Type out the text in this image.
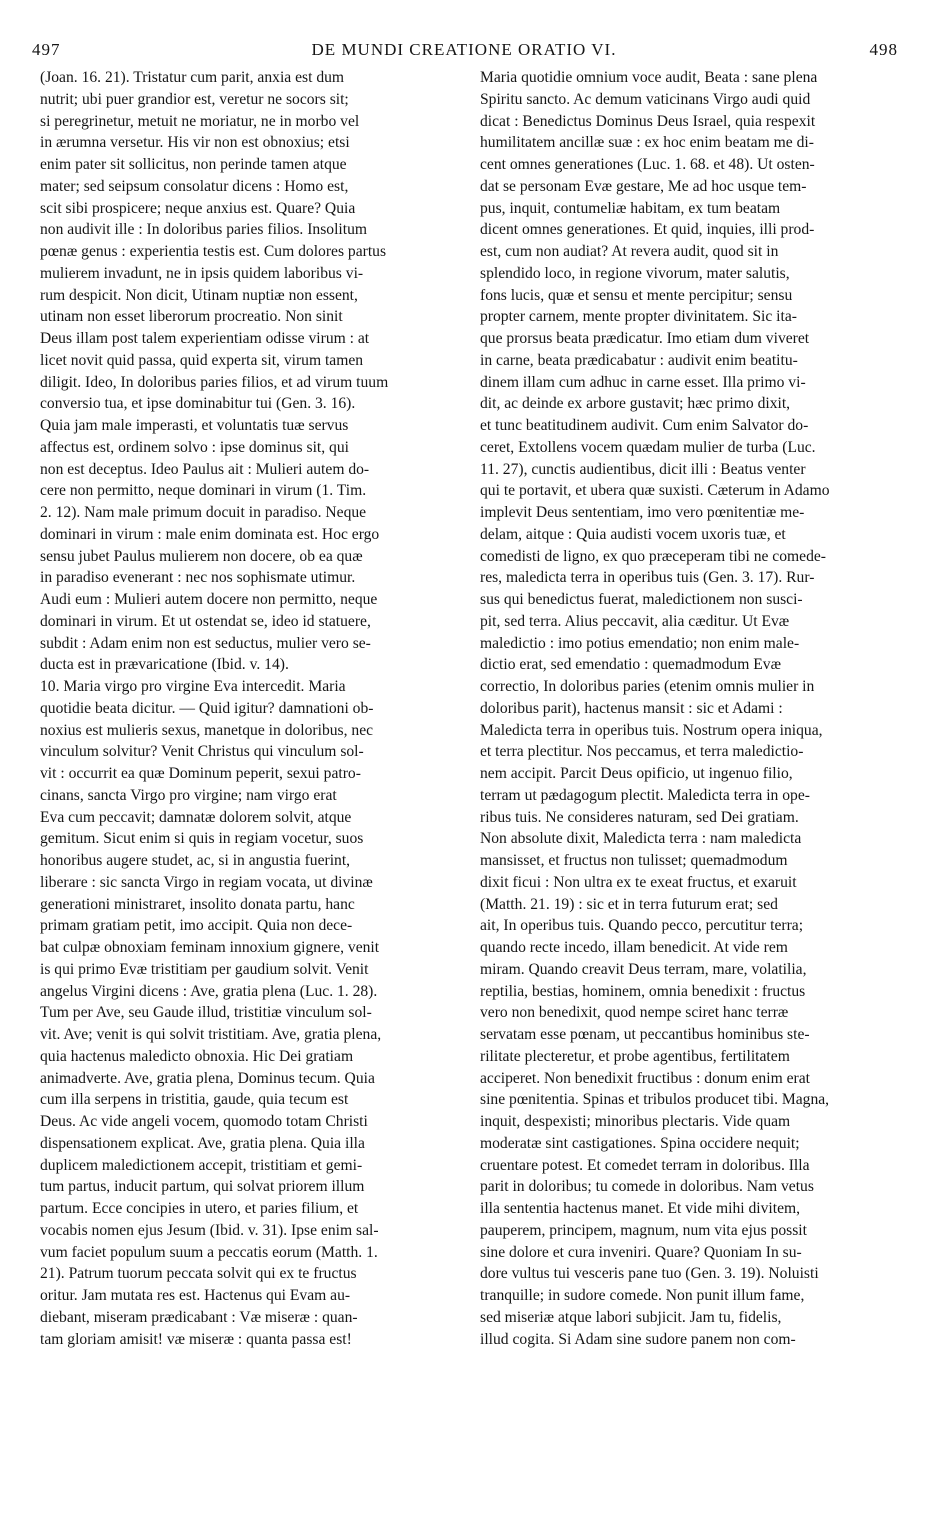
497	DE MUNDI CREATIONE ORATIO VI.	498
(Joan. 16. 21). Tristatur cum parit, anxia est dum
nutrit; ubi puer grandior est, veretur ne socors sit;
si peregrinetur, metuit ne moriatur, ne in morbo vel
in ærumna versetur. His vir non est obnoxius; etsi
enim pater sit sollicitus, non perinde tamen atque
mater; sed seipsum consolatur dicens : Homo est,
scit sibi prospicere; neque anxius est. Quare? Quia
non audivit ille : In doloribus paries filios. Insolitum
pœnæ genus : experientia testis est. Cum dolores partus
mulierem invadunt, ne in ipsis quidem laboribus vi-
rum despicit. Non dicit, Utinam nuptiæ non essent,
utinam non esset liberorum procreatio. Non sinit
Deus illam post talem experientiam odisse virum : at
licet novit quid passa, quid experta sit, virum tamen
diligit. Ideo, In doloribus paries filios, et ad virum tuum
conversio tua, et ipse dominabitur tui (Gen. 3. 16).
Quia jam male imperasti, et voluntatis tuæ servus
affectus est, ordinem solvo : ipse dominus sit, qui
non est deceptus. Ideo Paulus ait : Mulieri autem do-
cere non permitto, neque dominari in virum (1. Tim.
2. 12). Nam male primum docuit in paradiso. Neque
dominari in virum : male enim dominata est. Hoc ergo
sensu jubet Paulus mulierem non docere, ob ea quæ
in paradiso evenerant : nec nos sophismate utimur.
Audi eum : Mulieri autem docere non permitto, neque
dominari in virum. Et ut ostendat se, ideo id statuere,
subdit : Adam enim non est seductus, mulier vero se-
ducta est in prævaricatione (Ibid. v. 14).
10. Maria virgo pro virgine Eva intercedit. Maria
quotidie beata dicitur. — Quid igitur? damnationi ob-
noxius est mulieris sexus, manetque in doloribus, nec
vinculum solvitur? Venit Christus qui vinculum sol-
vit : occurrit ea quæ Dominum peperit, sexui patro-
cinans, sancta Virgo pro virgine; nam virgo erat
Eva cum peccavit; damnatæ dolorem solvit, atque
gemitum. Sicut enim si quis in regiam vocetur, suos
honoribus augere studet, ac, si in angustia fuerint,
liberare : sic sancta Virgo in regiam vocata, ut divinæ
generationi ministraret, insolito donata partu, hanc
primam gratiam petit, imo accipit. Quia non dece-
bat culpæ obnoxiam feminam innoxium gignere, venit
is qui primo Evæ tristitiam per gaudium solvit. Venit
angelus Virgini dicens : Ave, gratia plena (Luc. 1. 28).
Tum per Ave, seu Gaude illud, tristitiæ vinculum sol-
vit. Ave; venit is qui solvit tristitiam. Ave, gratia plena,
quia hactenus maledicto obnoxia. Hic Dei gratiam
animadverte. Ave, gratia plena, Dominus tecum. Quia
cum illa serpens in tristitia, gaude, quia tecum est
Deus. Ac vide angeli vocem, quomodo totam Christi
dispensationem explicat. Ave, gratia plena. Quia illa
duplicem maledictionem accepit, tristitiam et gemi-
tum partus, inducit partum, qui solvat priorem illum
partum. Ecce concipies in utero, et paries filium, et
vocabis nomen ejus Jesum (Ibid. v. 31). Ipse enim sal-
vum faciet populum suum a peccatis eorum (Matth. 1.
21). Patrum tuorum peccata solvit qui ex te fructus
oritur. Jam mutata res est. Hactenus qui Evam au-
diebant, miseram prædicabant : Væ miseræ : quan-
tam gloriam amisit! væ miseræ : quanta passa est!
Maria quotidie omnium voce audit, Beata : sane plena
Spiritu sancto. Ac demum vaticinans Virgo audi quid
dicat : Benedictus Dominus Deus Israel, quia respexit
humilitatem ancillæ suæ : ex hoc enim beatam me di-
cent omnes generationes (Luc. 1. 68. et 48). Ut osten-
dat se personam Evæ gestare, Me ad hoc usque tem-
pus, inquit, contumeliæ habitam, ex tum beatam
dicent omnes generationes. Et quid, inquies, illi prod-
est, cum non audiat? At revera audit, quod sit in
splendido loco, in regione vivorum, mater salutis,
fons lucis, quæ et sensu et mente percipitur; sensu
propter carnem, mente propter divinitatem. Sic ita-
que prorsus beata prædicatur. Imo etiam dum viveret
in carne, beata prædicabatur : audivit enim beatitu-
dinem illam cum adhuc in carne esset. Illa primo vi-
dit, ac deinde ex arbore gustavit; hæc primo dixit,
et tunc beatitudinem audivit. Cum enim Salvator do-
ceret, Extollens vocem quædam mulier de turba (Luc.
11. 27), cunctis audientibus, dicit illi : Beatus venter
qui te portavit, et ubera quæ suxisti. Cæterum in Adamo
implevit Deus sententiam, imo vero pœnitentiæ me-
delam, aitque : Quia audisti vocem uxoris tuæ, et
comedisti de ligno, ex quo præceperam tibi ne comede-
res, maledicta terra in operibus tuis (Gen. 3. 17). Rur-
sus qui benedictus fuerat, maledictionem non susci-
pit, sed terra. Alius peccavit, alia cæditur. Ut Evæ
maledictio : imo potius emendatio; non enim male-
dictio erat, sed emendatio : quemadmodum Evæ
correctio, In doloribus paries (etenim omnis mulier in
doloribus parit), hactenus mansit : sic et Adami :
Maledicta terra in operibus tuis. Nostrum opera iniqua,
et terra plectitur. Nos peccamus, et terra maledictio-
nem accipit. Parcit Deus opificio, ut ingenuo filio,
terram ut pædagogum plectit. Maledicta terra in ope-
ribus tuis. Ne consideres naturam, sed Dei gratiam.
Non absolute dixit, Maledicta terra : nam maledicta
mansisset, et fructus non tulisset; quemadmodum
dixit ficui : Non ultra ex te exeat fructus, et exaruit
(Matth. 21. 19) : sic et in terra futurum erat; sed
ait, In operibus tuis. Quando pecco, percutitur terra;
quando recte incedo, illam benedicit. At vide rem
miram. Quando creavit Deus terram, mare, volatilia,
reptilia, bestias, hominem, omnia benedixit : fructus
vero non benedixit, quod nempe sciret hanc terræ
servatam esse pœnam, ut peccantibus hominibus ste-
rilitate plecteretur, et probe agentibus, fertilitatem
acciperet. Non benedixit fructibus : donum enim erat
sine pœnitentia. Spinas et tribulos producet tibi. Magna,
inquit, despexisti; minoribus plectaris. Vide quam
moderatæ sint castigationes. Spina occidere nequit;
cruentare potest. Et comedet terram in doloribus. Illa
parit in doloribus; tu comede in doloribus. Nam vetus
illa sententia hactenus manet. Et vide mihi divitem,
pauperem, principem, magnum, num vita ejus possit
sine dolore et cura inveniri. Quare? Quoniam In su-
dore vultus tui vesceris pane tuo (Gen. 3. 19). Noluisti
tranquille; in sudore comede. Non punit illum fame,
sed miseriæ atque labori subjicit. Jam tu, fidelis,
illud cogita. Si Adam sine sudore panem non com-
